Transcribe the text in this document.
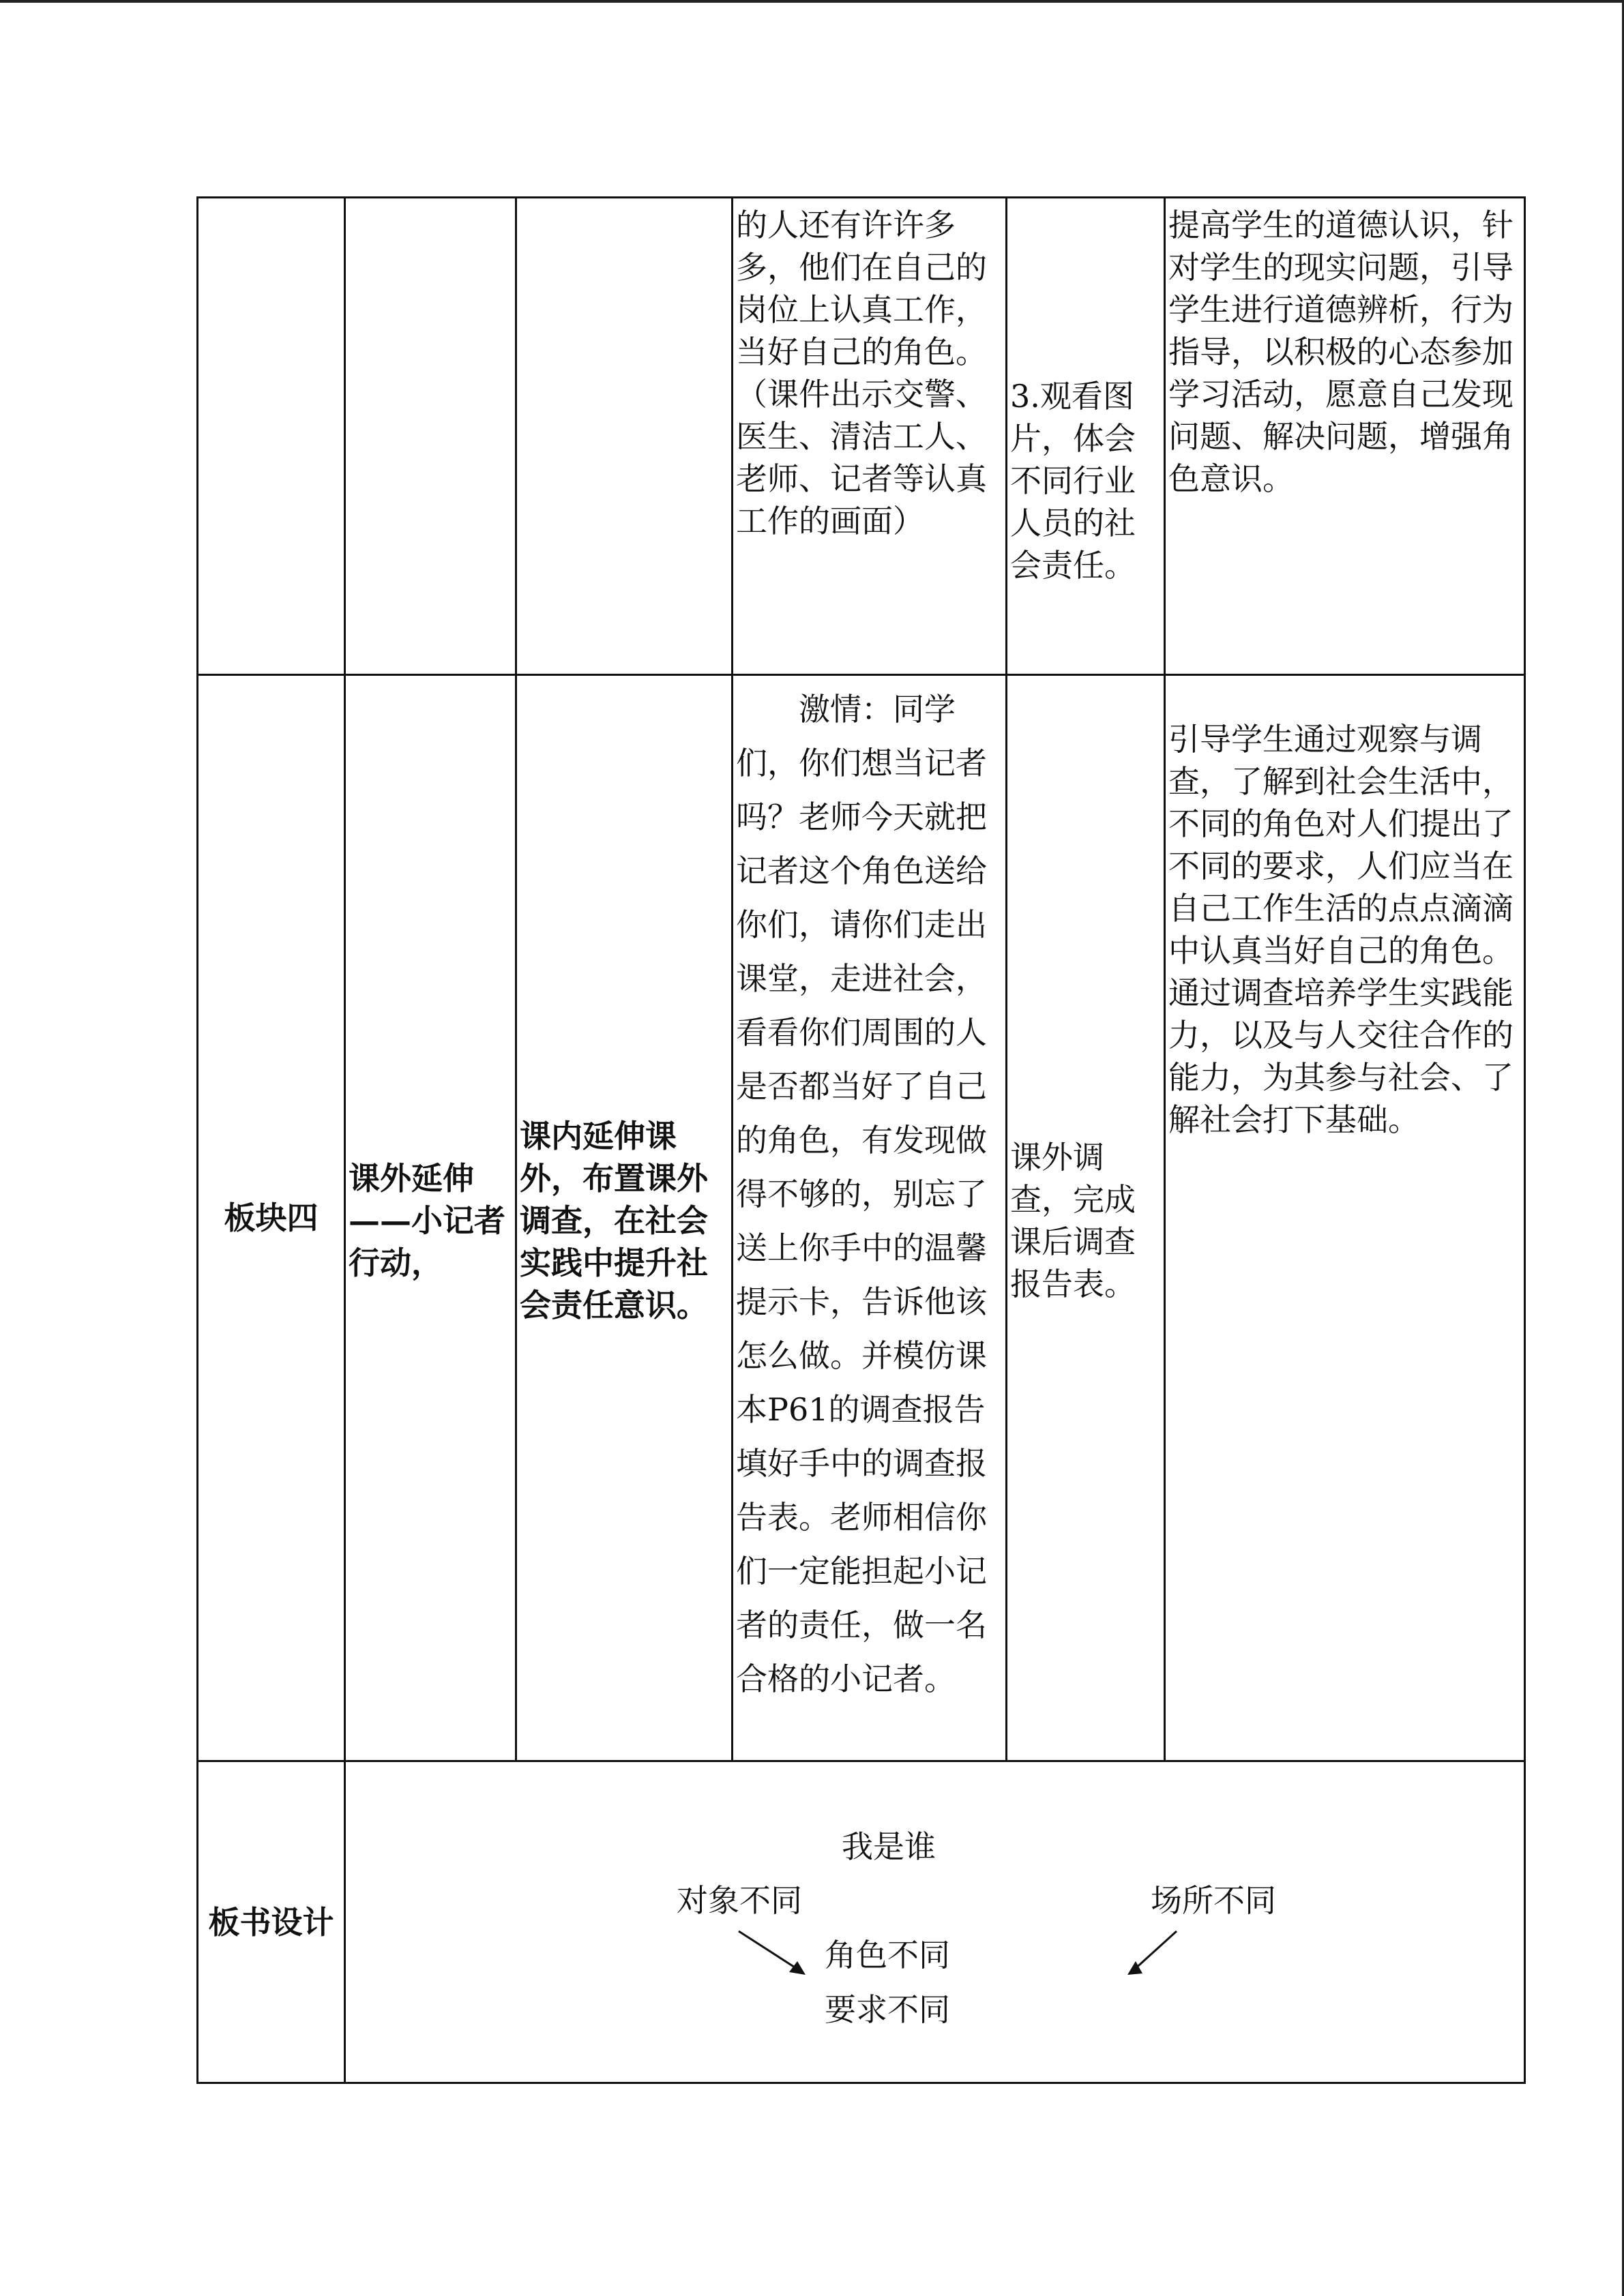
			的人还有许许多多，他们在自己的岗位上认真工作，当好自己的角色。（课件出示交警、医生、清洁工人、老师、记者等认真工作的画面）	3.观看图片，体会不同行业人员的社会责任。	提高学生的道德认识，针对学生的现实问题，引导学生进行道德辨析，行为指导，以积极的心态参加学习活动，愿意自己发现问题、解决问题，增强角色意识。

板块四	课外延伸——小记者行动，	课内延伸课外，布置课外调查，在社会实践中提升社会责任意识。	激情：同学们，你们想当记者吗？老师今天就把记者这个角色送给你们，请你们走出课堂，走进社会，看看你们周围的人是否都当好了自己的角色，有发现做得不够的，别忘了送上你手中的温馨提示卡，告诉他该怎么做。并模仿课本P61的调查报告填好手中的调查报告表。老师相信你们一定能担起小记者的责任，做一名合格的小记者。	课外调查，完成课后调查报告表。	引导学生通过观察与调查，了解到社会生活中，不同的角色对人们提出了不同的要求，人们应当在自己工作生活的点点滴滴中认真当好自己的角色。通过调查培养学生实践能力，以及与人交往合作的能力，为其参与社会、了解社会打下基础。

板书设计	我是谁
对象不同 场所不同
角色不同
要求不同				
